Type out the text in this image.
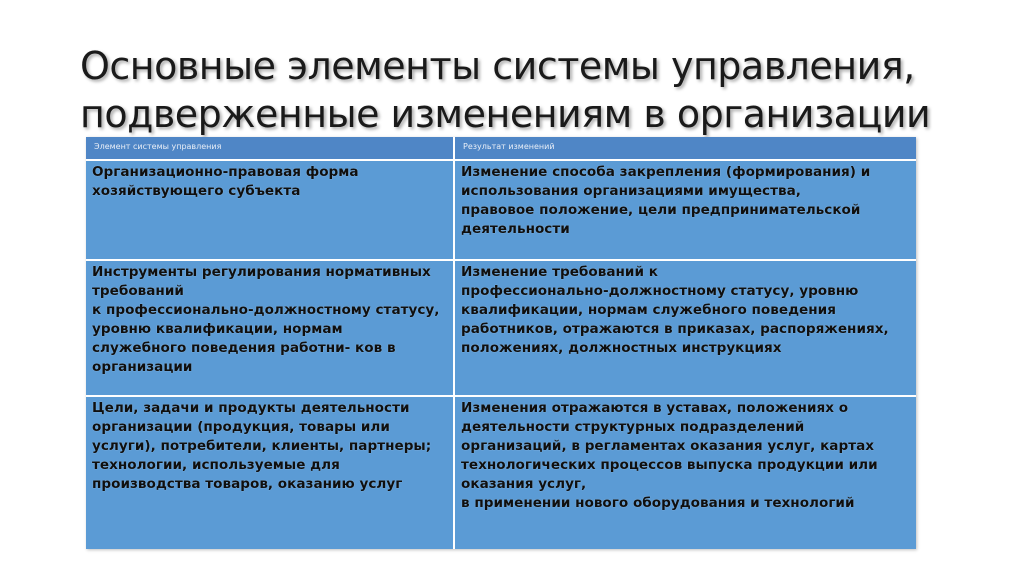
Основные элементы системы управления,
подверженные изменениям в организации
Элемент системы управления	Результат изменений
Организационно-правовая форма
хозяйствующего субъекта
Изменение способа закрепления (формирования) и
использования организациями имущества,
правовое положение, цели предпринимательской
деятельности
Инструменты регулирования нормативных
требований
к профессионально-должностному статусу,
уровню квалификации, нормам
служебного поведения работни- ков в
организации
Изменение требований к
профессионально-должностному статусу, уровню
квалификации, нормам служебного поведения
работников, отражаются в приказах, распоряжениях,
положениях, должностных инструкциях
Цели, задачи и продукты деятельности
организации (продукция, товары или
услуги), потребители, клиенты, партнеры;
технологии, используемые для
производства товаров, оказанию услуг
Изменения отражаются в уставах, положениях о
деятельности структурных подразделений
организаций, в регламентах оказания услуг, картах
технологических процессов выпуска продукции или
оказания услуг,
в применении нового оборудования и технологий
